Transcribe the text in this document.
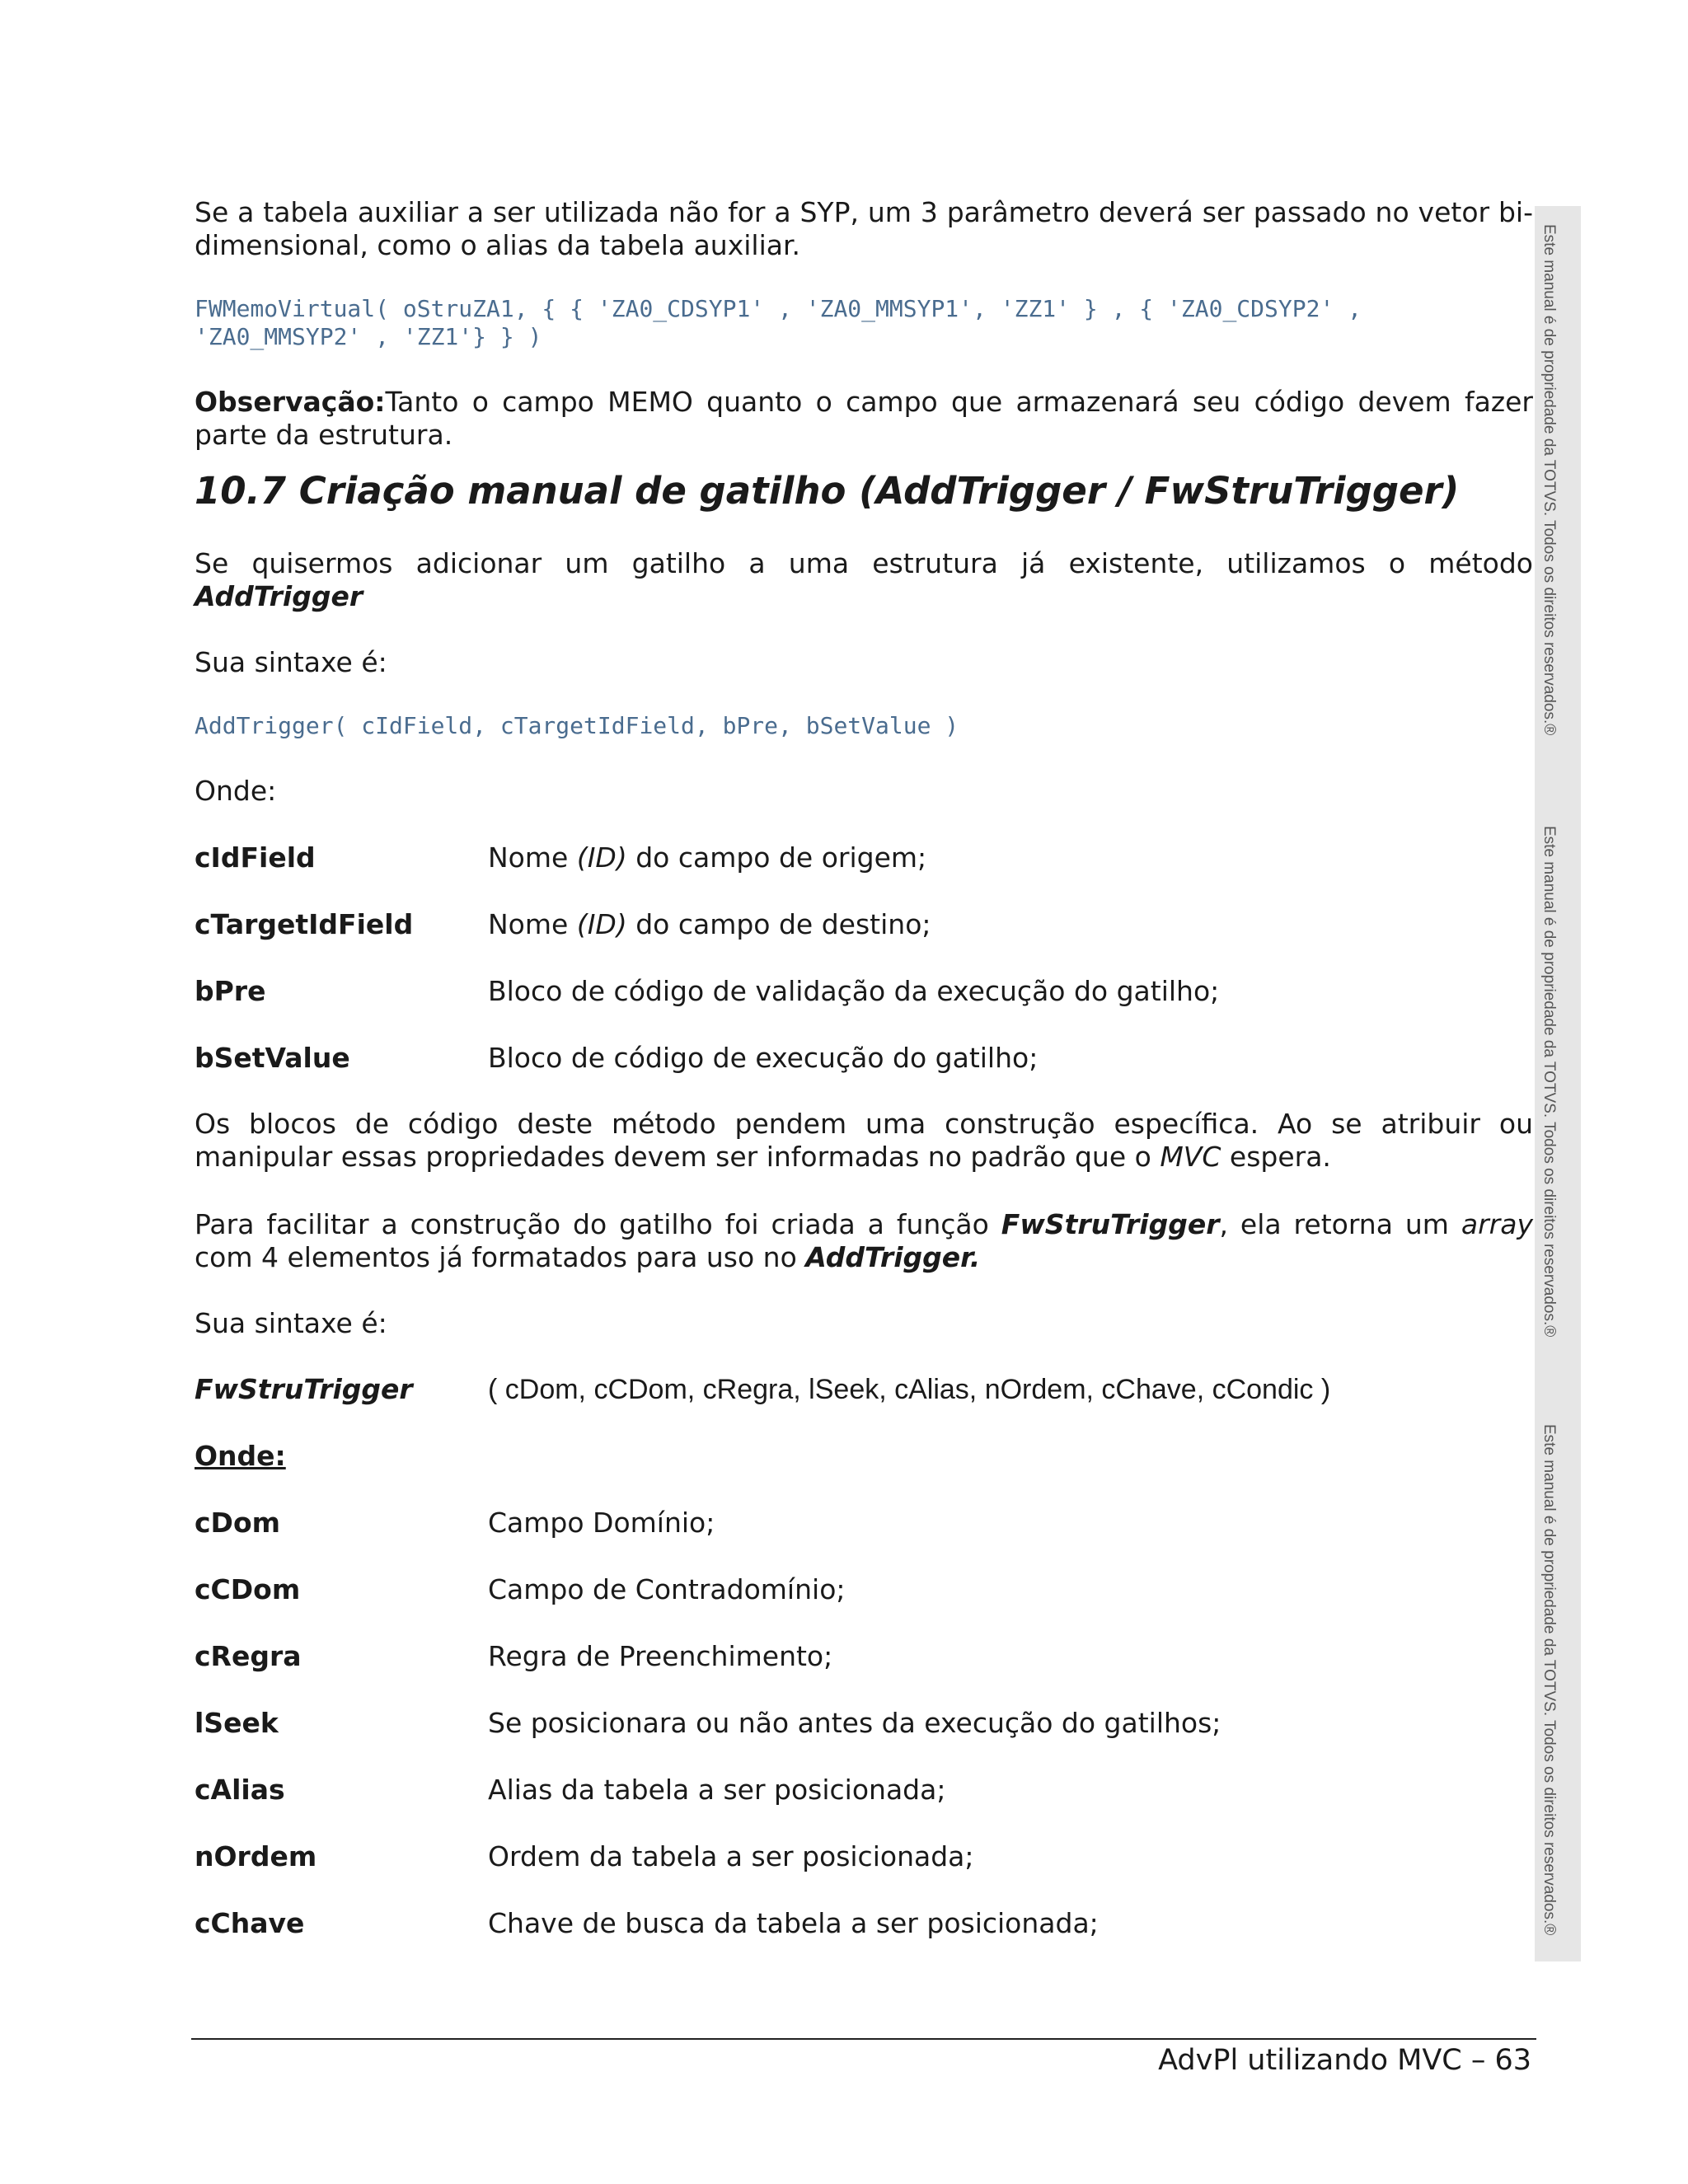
Se a tabela auxiliar a ser utilizada não for a SYP, um 3 parâmetro deverá ser passado no vetor bi-dimensional, como o alias da tabela auxiliar.

FWMemoVirtual( oStruZA1, { { 'ZA0_CDSYP1' , 'ZA0_MMSYP1', 'ZZ1' } , { 'ZA0_CDSYP2' ,
'ZA0_MMSYP2' , 'ZZ1'} } )

Observação:Tanto o campo MEMO quanto o campo que armazenará seu código devem fazer parte da estrutura.

10.7 Criação manual de gatilho (AddTrigger / FwStruTrigger)

Se quisermos adicionar um gatilho a uma estrutura já existente, utilizamos o método AddTrigger

Sua sintaxe é:

AddTrigger( cIdField, cTargetIdField, bPre, bSetValue )

Onde:

cIdField	Nome (ID) do campo de origem;
cTargetIdField	Nome (ID) do campo de destino;
bPre	Bloco de código de validação da execução do gatilho;
bSetValue	Bloco de código de execução do gatilho;

Os blocos de código deste método pendem uma construção específica. Ao se atribuir ou manipular essas propriedades devem ser informadas no padrão que o MVC espera.

Para facilitar a construção do gatilho foi criada a função FwStruTrigger, ela retorna um array com 4 elementos já formatados para uso no AddTrigger.

Sua sintaxe é:

FwStruTrigger	( cDom, cCDom, cRegra, lSeek, cAlias, nOrdem, cChave, cCondic )

Onde:

cDom	Campo Domínio;
cCDom	Campo de Contradomínio;
cRegra	Regra de Preenchimento;
lSeek	Se posicionara ou não antes da execução do gatilhos;
cAlias	Alias da tabela a ser posicionada;
nOrdem	Ordem da tabela a ser posicionada;
cChave	Chave de busca da tabela a ser posicionada;
Este manual é de propriedade da TOTVS. Todos os direitos reservados.®
Este manual é de propriedade da TOTVS. Todos os direitos reservados.®
Este manual é de propriedade da TOTVS. Todos os direitos reservados.®
AdvPl utilizando MVC – 63
